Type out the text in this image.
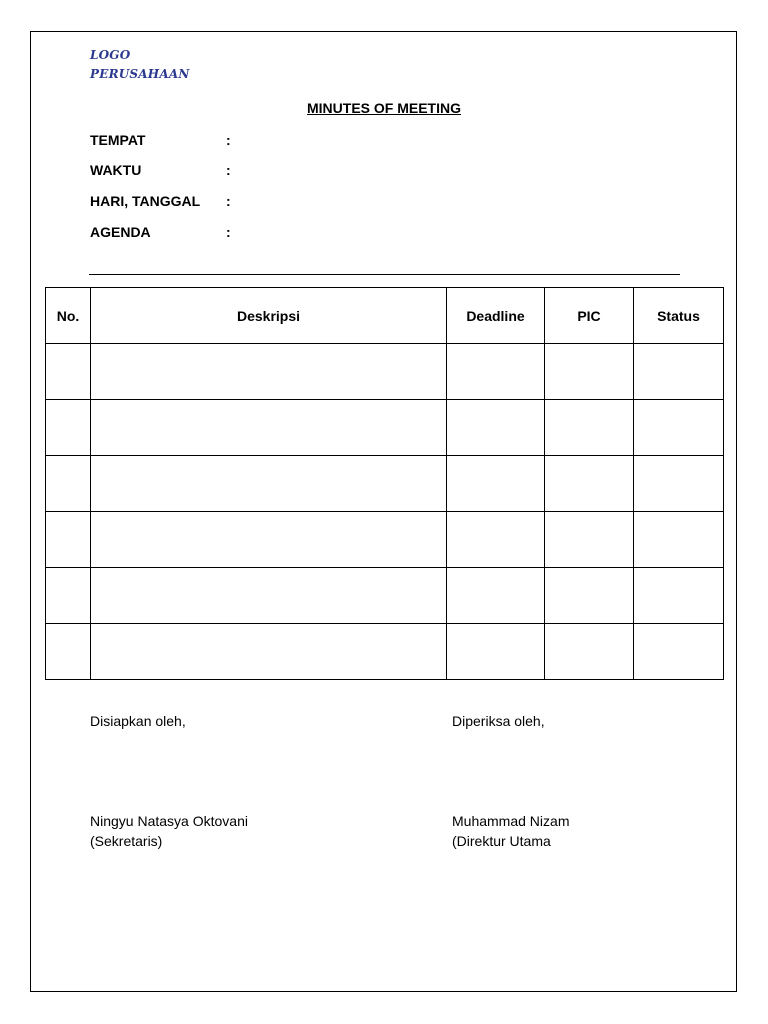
LOGO
PERUSAHAAN
MINUTES OF MEETING
TEMPAT	:
WAKTU	:
HARI, TANGGAL :
AGENDA	:
No.	Deskripsi	Deadline	PIC	Status

Disiapkan oleh,
Ningyu Natasya Oktovani
(Sekretaris)
Diperiksa oleh,
Muhammad Nizam
(Direktur Utama
